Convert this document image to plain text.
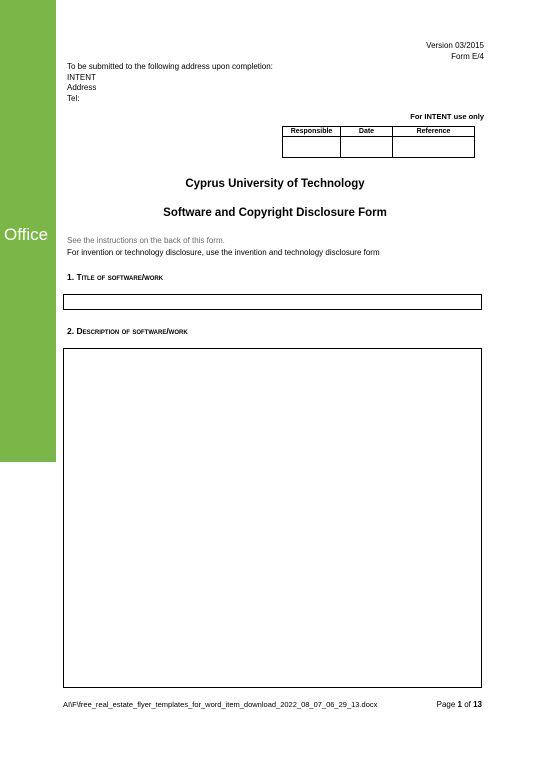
Office
Version 03/2015
Form E/4
To be submitted to the following address upon completion:
INTENT
Address
Tel:
For INTENT use only
Responsible	Date	Reference

Cyprus University of Technology
Software and Copyright Disclosure Form
See the instructions on the back of this form.
For invention or technology disclosure, use the invention and technology disclosure form
1. Title of software/work
2. Description of software/work
AI\F\free_real_estate_flyer_templates_for_word_item_download_2022_08_07_06_29_13.docx	Page 1 of 13
